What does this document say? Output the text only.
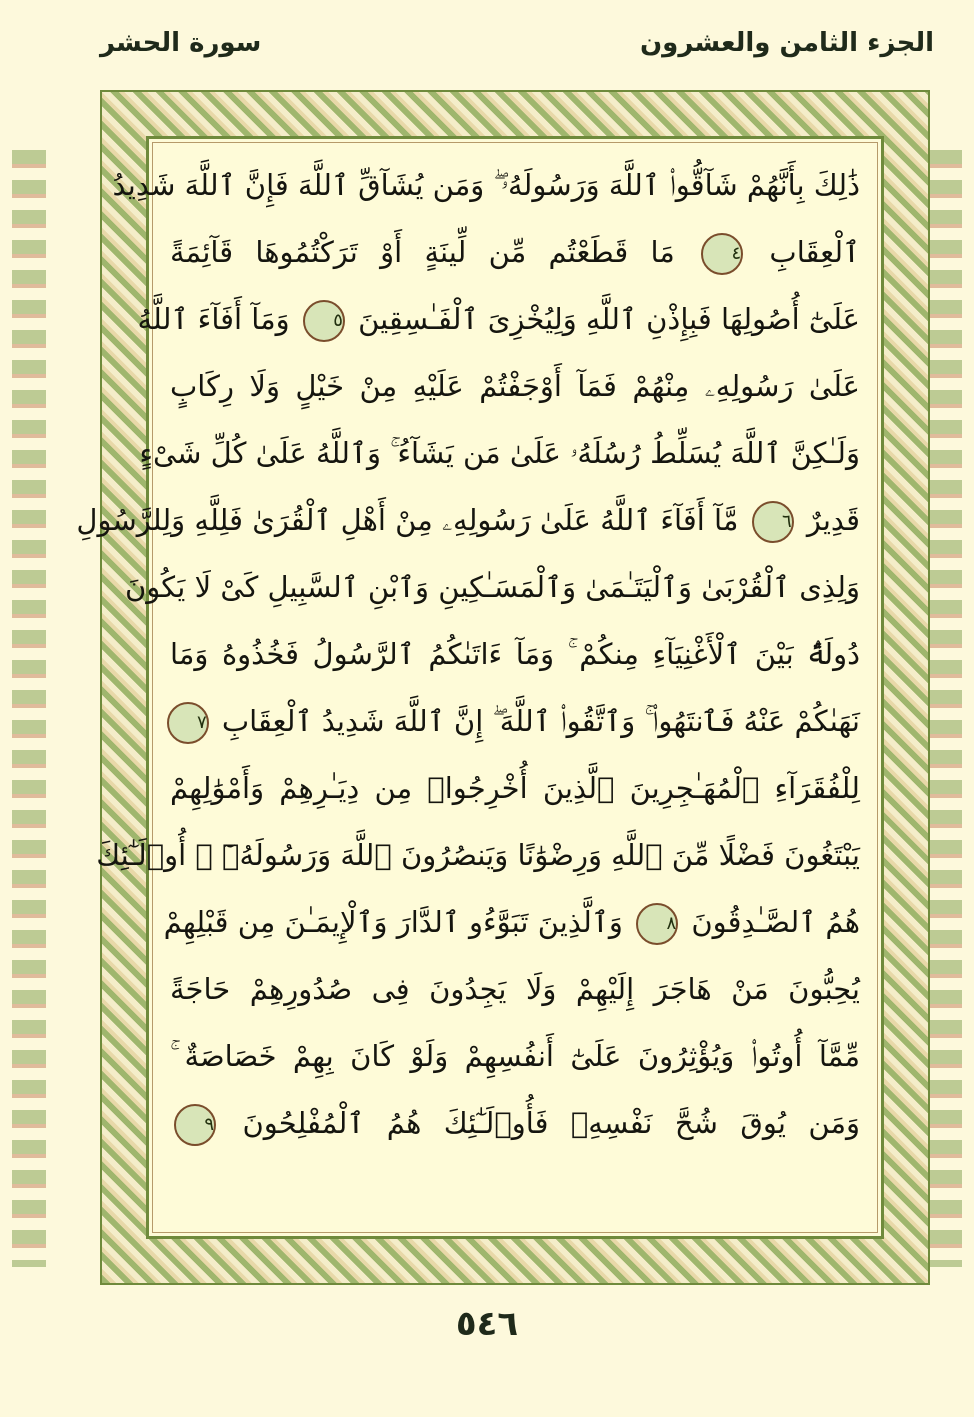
الجزء الثامن والعشرون
سورة الحشر
ذَٰلِكَ بِأَنَّهُمْ شَآقُّوا۟ ٱللَّهَ وَرَسُولَهُۥ ۖ وَمَن يُشَآقِّ ٱللَّهَ فَإِنَّ ٱللَّهَ شَدِيدُ
ٱلْعِقَابِ ٤ مَا قَطَعْتُم مِّن لِّينَةٍ أَوْ تَرَكْتُمُوهَا قَآئِمَةً
عَلَىٰٓ أُصُولِهَا فَبِإِذْنِ ٱللَّهِ وَلِيُخْزِىَ ٱلْفَـٰسِقِينَ ٥ وَمَآ أَفَآءَ ٱللَّهُ
عَلَىٰ رَسُولِهِۦ مِنْهُمْ فَمَآ أَوْجَفْتُمْ عَلَيْهِ مِنْ خَيْلٍ وَلَا رِكَابٍ
وَلَـٰكِنَّ ٱللَّهَ يُسَلِّطُ رُسُلَهُۥ عَلَىٰ مَن يَشَآءُ ۚ وَٱللَّهُ عَلَىٰ كُلِّ شَىْءٍ
قَدِيرٌ ٦ مَّآ أَفَآءَ ٱللَّهُ عَلَىٰ رَسُولِهِۦ مِنْ أَهْلِ ٱلْقُرَىٰ فَلِلَّهِ وَلِلرَّسُولِ
وَلِذِى ٱلْقُرْبَىٰ وَٱلْيَتَـٰمَىٰ وَٱلْمَسَـٰكِينِ وَٱبْنِ ٱلسَّبِيلِ كَىْ لَا يَكُونَ
دُولَةًۢ بَيْنَ ٱلْأَغْنِيَآءِ مِنكُمْ ۚ وَمَآ ءَاتَىٰكُمُ ٱلرَّسُولُ فَخُذُوهُ وَمَا
نَهَىٰكُمْ عَنْهُ فَٱنتَهُوا۟ ۚ وَٱتَّقُوا۟ ٱللَّهَ ۖ إِنَّ ٱللَّهَ شَدِيدُ ٱلْعِقَابِ ٧
لِلْفُقَرَآءِ ٱلْمُهَـٰجِرِينَ ٱلَّذِينَ أُخْرِجُوا۟ مِن دِيَـٰرِهِمْ وَأَمْوَٰلِهِمْ
يَبْتَغُونَ فَضْلًا مِّنَ ٱللَّهِ وَرِضْوَٰنًا وَيَنصُرُونَ ٱللَّهَ وَرَسُولَهُۥٓ ۚ أُو۟لَـٰٓئِكَ
هُمُ ٱلصَّـٰدِقُونَ ٨ وَٱلَّذِينَ تَبَوَّءُو ٱلدَّارَ وَٱلْإِيمَـٰنَ مِن قَبْلِهِمْ
يُحِبُّونَ مَنْ هَاجَرَ إِلَيْهِمْ وَلَا يَجِدُونَ فِى صُدُورِهِمْ حَاجَةً
مِّمَّآ أُوتُوا۟ وَيُؤْثِرُونَ عَلَىٰٓ أَنفُسِهِمْ وَلَوْ كَانَ بِهِمْ خَصَاصَةٌ ۚ
وَمَن يُوقَ شُحَّ نَفْسِهِۦ فَأُو۟لَـٰٓئِكَ هُمُ ٱلْمُفْلِحُونَ ٩
٥٤٦
